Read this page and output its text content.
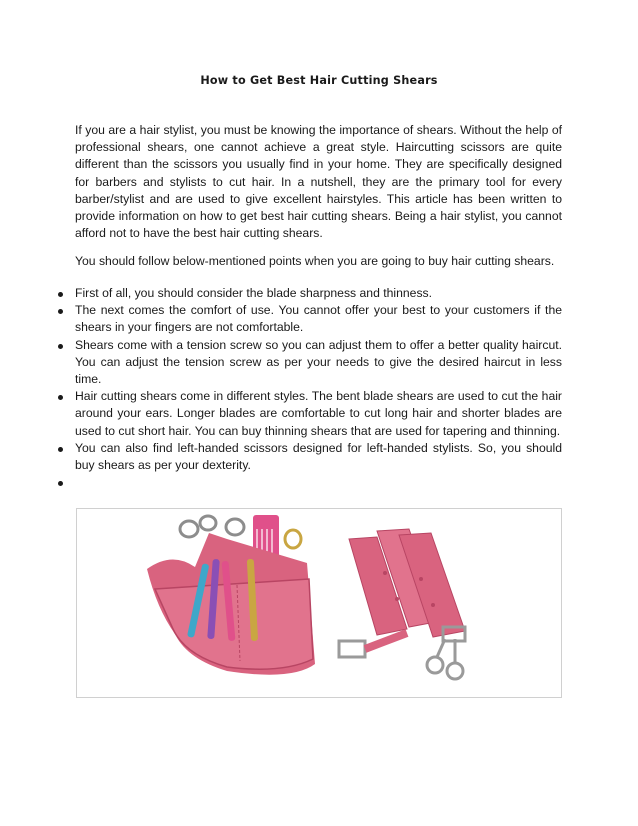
How to Get Best Hair Cutting Shears

If you are a hair stylist, you must be knowing the importance of shears. Without the help of professional shears, one cannot achieve a great style. Haircutting scissors are quite different than the scissors you usually find in your home. They are specifically designed for barbers and stylists to cut hair. In a nutshell, they are the primary tool for every barber/stylist and are used to give excellent hairstyles. This article has been written to provide information on how to get best hair cutting shears. Being a hair stylist, you cannot afford not to have the best hair cutting shears.

You should follow below-mentioned points when you are going to buy hair cutting shears.

First of all, you should consider the blade sharpness and thinness.
The next comes the comfort of use. You cannot offer your best to your customers if the shears in your fingers are not comfortable.
Shears come with a tension screw so you can adjust them to offer a better quality haircut. You can adjust the tension screw as per your needs to give the desired haircut in less time.
Hair cutting shears come in different styles. The bent blade shears are used to cut the hair around your ears. Longer blades are comfortable to cut long hair and shorter blades are used to cut short hair. You can buy thinning shears that are used for tapering and thinning.
You can also find left-handed scissors designed for left-handed stylists. So, you should buy shears as per your dexterity.
